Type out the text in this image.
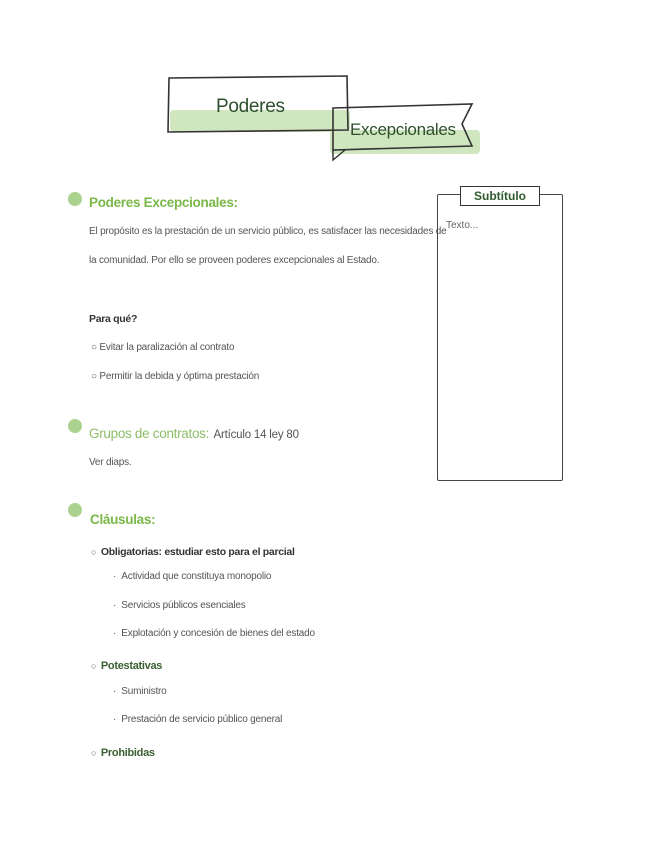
Poderes
Excepcionales
Subtítulo
Texto...
Poderes Excepcionales:
El propósito es la prestación de un servicio público, es satisfacer las necesidades de
la comunidad. Por ello se proveen poderes excepcionales al Estado.
Para qué?
○ Evitar la paralización al contrato
○ Permitir la debida y óptima prestación
Grupos de contratos: Artículo 14 ley 80
Ver diaps.
Cláusulas:
○ Obligatorias: estudiar esto para el parcial
·  Actividad que constituya monopolio
·  Servicios públicos esenciales
·  Explotación y concesión de bienes del estado
○ Potestativas
·  Suministro
·  Prestación de servicio público general
○ Prohibidas
